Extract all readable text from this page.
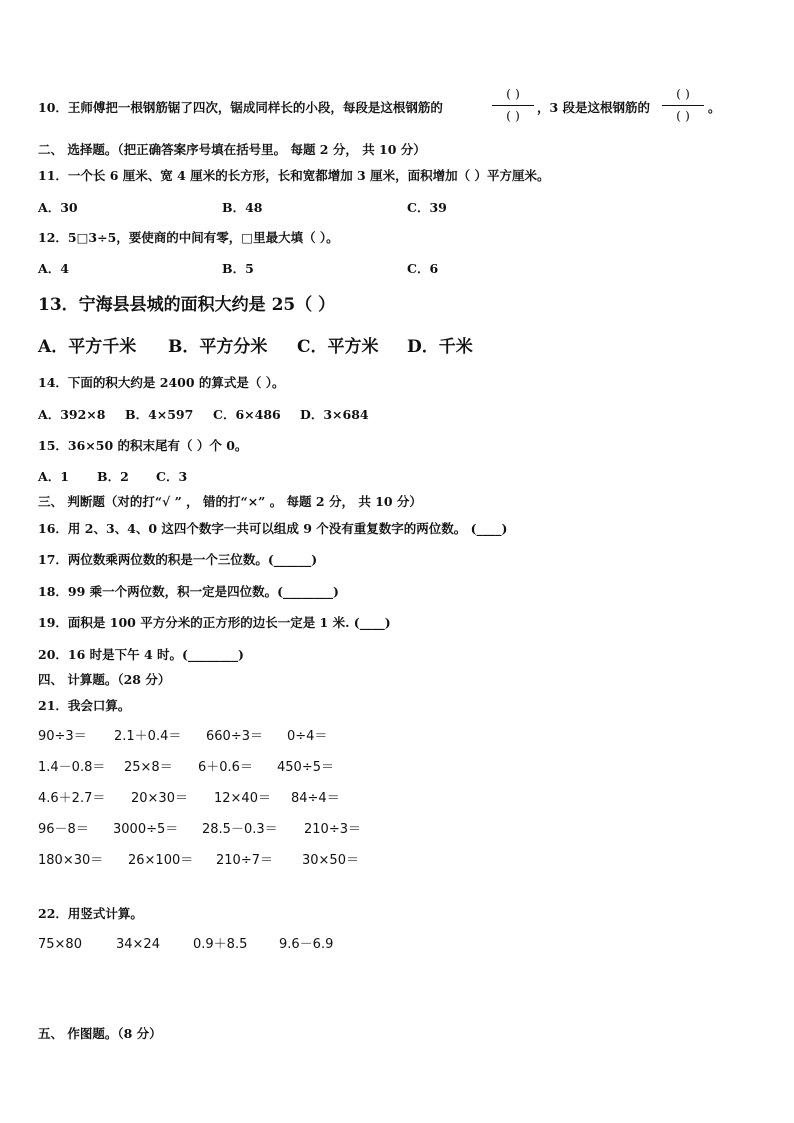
10．王师傅把一根钢筋锯了四次，锯成同样长的小段，每段是这根钢筋的
( )
( )
，3 段是这根钢筋的
( )
( )
。
二、 选择题。（把正确答案序号填在括号里。 每题 2 分， 共 10 分）
11．一个长 6 厘米、宽 4 厘米的长方形，长和宽都增加 3 厘米，面积增加（ ）平方厘米。
A．30	B．48	C．39
12．5□3÷5，要使商的中间有零，□里最大填（ ）。
A．4	B．5	C．6
13．宁海县县城的面积大约是 25（ ）
A．平方千米 B．平方分米 C．平方米 D．千米
14．下面的积大约是 2400 的算式是（ ）。
A．392×8 B．4×597 C．6×486 D．3×684
15．36×50 的积末尾有（ ）个 0。
A．1 B．2 C．3
三、 判断题（对的打“√ ” ， 错的打“×” 。 每题 2 分， 共 10 分）
16．用 2、3、4、0 这四个数字一共可以组成 9 个没有重复数字的两位数。 (____)
17．两位数乘两位数的积是一个三位数。(______)
18．99 乘一个两位数，积一定是四位数。(________)
19．面积是 100 平方分米的正方形的边长一定是 1 米. (____)
20．16 时是下午 4 时。(________)
四、 计算题。（28 分）
21．我会口算。
90÷3＝ 2.1＋0.4＝ 660÷3＝ 0÷4＝
1.4－0.8＝ 25×8＝ 6＋0.6＝ 450÷5＝
4.6＋2.7＝ 20×30＝ 12×40＝ 84÷4＝
96－8＝ 3000÷5＝ 28.5－0.3＝ 210÷3＝
180×30＝ 26×100＝ 210÷7＝ 30×50＝
22．用竖式计算。
75×80	34×24	0.9＋8.5 9.6－6.9
五、 作图题。（8 分）
